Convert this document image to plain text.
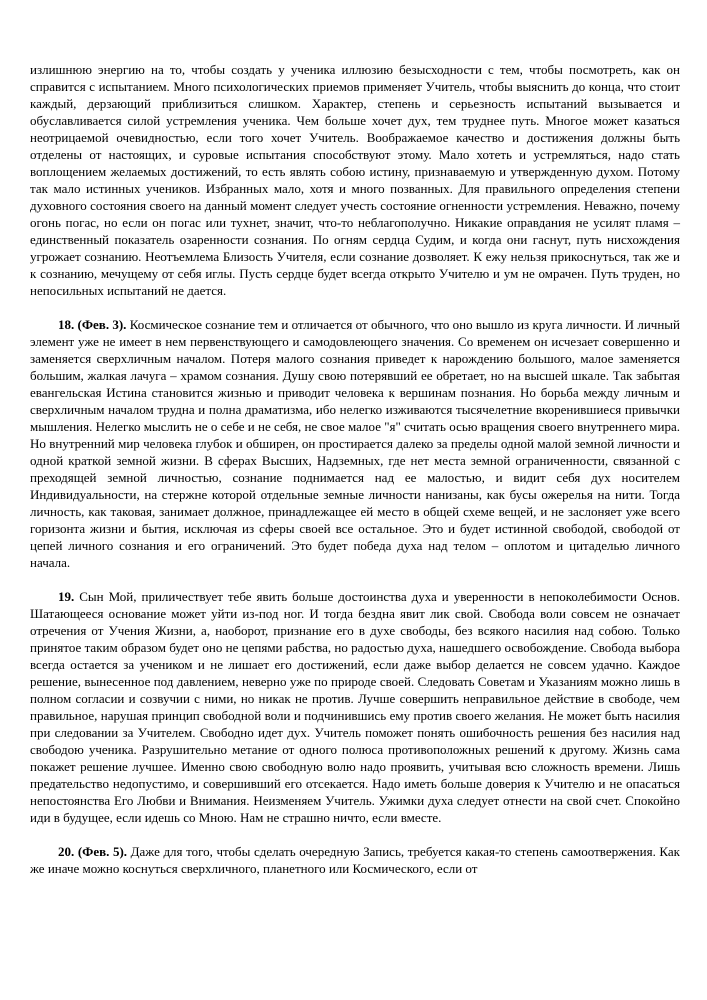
излишнюю энергию на то, чтобы создать у ученика иллюзию безысходности с тем, чтобы посмотреть, как он справится с испытанием. Много психологических приемов применяет Учитель, чтобы выяснить до конца, что стоит каждый, дерзающий приблизиться слишком. Характер, степень и серьезность испытаний вызывается и обуславливается силой устремления ученика. Чем больше хочет дух, тем труднее путь. Многое может казаться неотрицаемой очевидностью, если того хочет Учитель. Воображаемое качество и достижения должны быть отделены от настоящих, и суровые испытания способствуют этому. Мало хотеть и устремляться, надо стать воплощением желаемых достижений, то есть являть собою истину, признаваемую и утвержденную духом. Потому так мало истинных учеников. Избранных мало, хотя и много позванных. Для правильного определения степени духовного состояния своего на данный момент следует учесть состояние огненности устремления. Неважно, почему огонь погас, но если он погас или тухнет, значит, что-то неблагополучно. Никакие оправдания не усилят пламя – единственный показатель озаренности сознания. По огням сердца Судим, и когда они гаснут, путь нисхождения угрожает сознанию. Неотъемлема Близость Учителя, если сознание дозволяет. К ежу нельзя прикоснуться, так же и к сознанию, мечущему от себя иглы. Пусть сердце будет всегда открыто Учителю и ум не омрачен. Путь труден, но непосильных испытаний не дается.

18. (Фев. 3). Космическое сознание тем и отличается от обычного, что оно вышло из круга личности. И личный элемент уже не имеет в нем первенствующего и самодовлеющего значения. Со временем он исчезает совершенно и заменяется сверхличным началом. Потеря малого сознания приведет к нарождению большого, малое заменяется большим, жалкая лачуга – храмом сознания. Душу свою потерявший ее обретает, но на высшей шкале. Так забытая евангельская Истина становится жизнью и приводит человека к вершинам познания. Но борьба между личным и сверхличным началом трудна и полна драматизма, ибо нелегко изживаются тысячелетние вкоренившиеся привычки мышления. Нелегко мыслить не о себе и не себя, не свое малое "я" считать осью вращения своего внутреннего мира. Но внутренний мир человека глубок и обширен, он простирается далеко за пределы одной малой земной личности и одной краткой земной жизни. В сферах Высших, Надземных, где нет места земной ограниченности, связанной с преходящей земной личностью, сознание поднимается над ее малостью, и видит себя дух носителем Индивидуальности, на стержне которой отдельные земные личности нанизаны, как бусы ожерелья на нити. Тогда личность, как таковая, занимает должное, принадлежащее ей место в общей схеме вещей, и не заслоняет уже всего горизонта жизни и бытия, исключая из сферы своей все остальное. Это и будет истинной свободой, свободой от цепей личного сознания и его ограничений. Это будет победа духа над телом – оплотом и цитаделью личного начала.

19. Сын Мой, приличествует тебе явить больше достоинства духа и уверенности в непоколебимости Основ. Шатающееся основание может уйти из-под ног. И тогда бездна явит лик свой. Свобода воли совсем не означает отречения от Учения Жизни, а, наоборот, признание его в духе свободы, без всякого насилия над собою. Только принятое таким образом будет оно не цепями рабства, но радостью духа, нашедшего освобождение. Свобода выбора всегда остается за учеником и не лишает его достижений, если даже выбор делается не совсем удачно. Каждое решение, вынесенное под давлением, неверно уже по природе своей. Следовать Советам и Указаниям можно лишь в полном согласии и созвучии с ними, но никак не против. Лучше совершить неправильное действие в свободе, чем правильное, нарушая принцип свободной воли и подчинившись ему против своего желания. Не может быть насилия при следовании за Учителем. Свободно идет дух. Учитель поможет понять ошибочность решения без насилия над свободою ученика. Разрушительно метание от одного полюса противоположных решений к другому. Жизнь сама покажет решение лучшее. Именно свою свободную волю надо проявить, учитывая всю сложность времени. Лишь предательство недопустимо, и совершивший его отсекается. Надо иметь больше доверия к Учителю и не опасаться непостоянства Его Любви и Внимания. Неизменяем Учитель. Ужимки духа следует отнести на свой счет. Спокойно иди в будущее, если идешь со Мною. Нам не страшно ничто, если вместе.

20. (Фев. 5). Даже для того, чтобы сделать очередную Запись, требуется какая-то степень самоотвержения. Как же иначе можно коснуться сверхличного, планетного или Космического, если от
